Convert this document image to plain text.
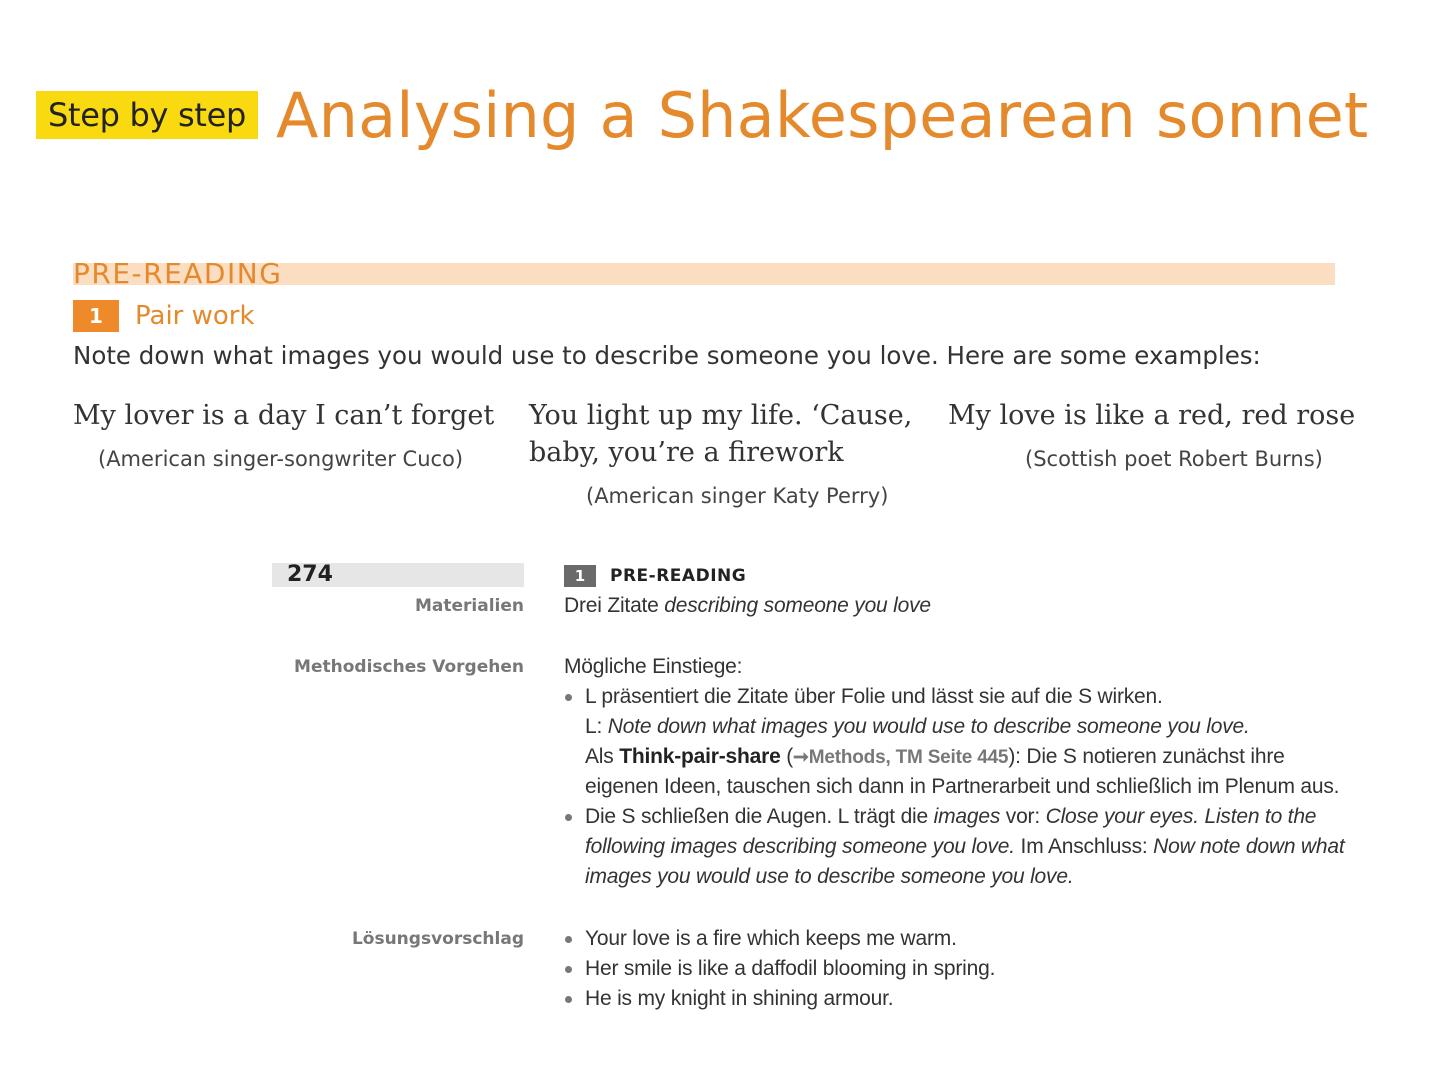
Step by step Analysing a Shakespearean sonnet
PRE-READING
1	Pair work
Note down what images you would use to describe someone you love. Here are some examples:
My lover is a day I can’t forget
(American singer-songwriter Cuco)
You light up my life. ‘Cause,
baby, you’re a firework
(American singer Katy Perry)
My love is like a red, red rose
(Scottish poet Robert Burns)
274
Materialien
Methodisches Vorgehen
Lösungsvorschlag
1	PRE-READING
Drei Zitate describing someone you love
Mögliche Einstiege:
L präsentiert die Zitate über Folie und lässt sie auf die S wirken.
L: Note down what images you would use to describe someone you love.
Als Think-pair-share (➞Methods, TM Seite 445): Die S notieren zunächst ihre
eigenen Ideen, tauschen sich dann in Partnerarbeit und schließlich im Plenum aus.
Die S schließen die Augen. L trägt die images vor: Close your eyes. Listen to the
following images describing someone you love. Im Anschluss: Now note down what
images you would use to describe someone you love.
Your love is a fire which keeps me warm.
Her smile is like a daffodil blooming in spring.
He is my knight in shining armour.
